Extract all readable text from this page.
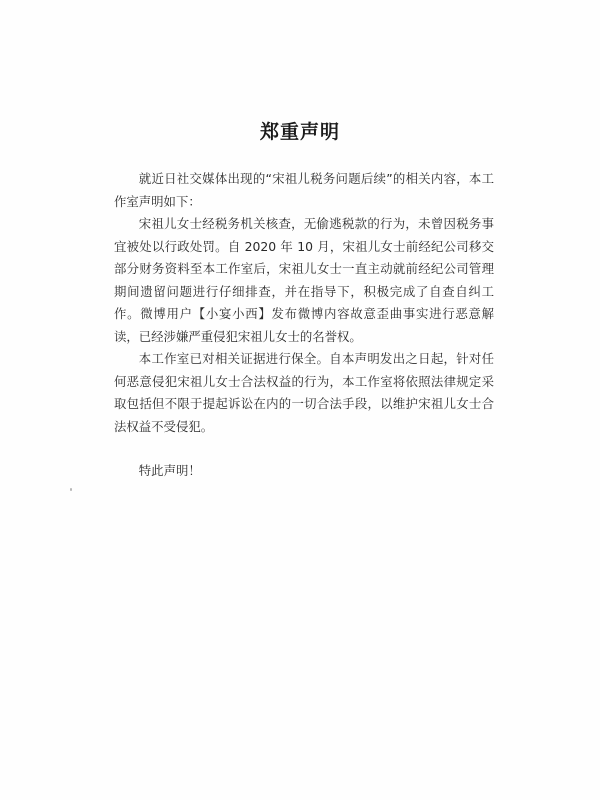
郑重声明

就近日社交媒体出现的“宋祖儿税务问题后续”的相关内容，本工作室声明如下：

宋祖儿女士经税务机关核查，无偷逃税款的行为，未曾因税务事宜被处以行政处罚。自 2020 年 10 月，宋祖儿女士前经纪公司移交部分财务资料至本工作室后，宋祖儿女士一直主动就前经纪公司管理期间遗留问题进行仔细排查，并在指导下，积极完成了自查自纠工作。微博用户【小宴小西】发布微博内容故意歪曲事实进行恶意解读，已经涉嫌严重侵犯宋祖儿女士的名誉权。

本工作室已对相关证据进行保全。自本声明发出之日起，针对任何恶意侵犯宋祖儿女士合法权益的行为，本工作室将依照法律规定采取包括但不限于提起诉讼在内的一切合法手段，以维护宋祖儿女士合法权益不受侵犯。

特此声明！
